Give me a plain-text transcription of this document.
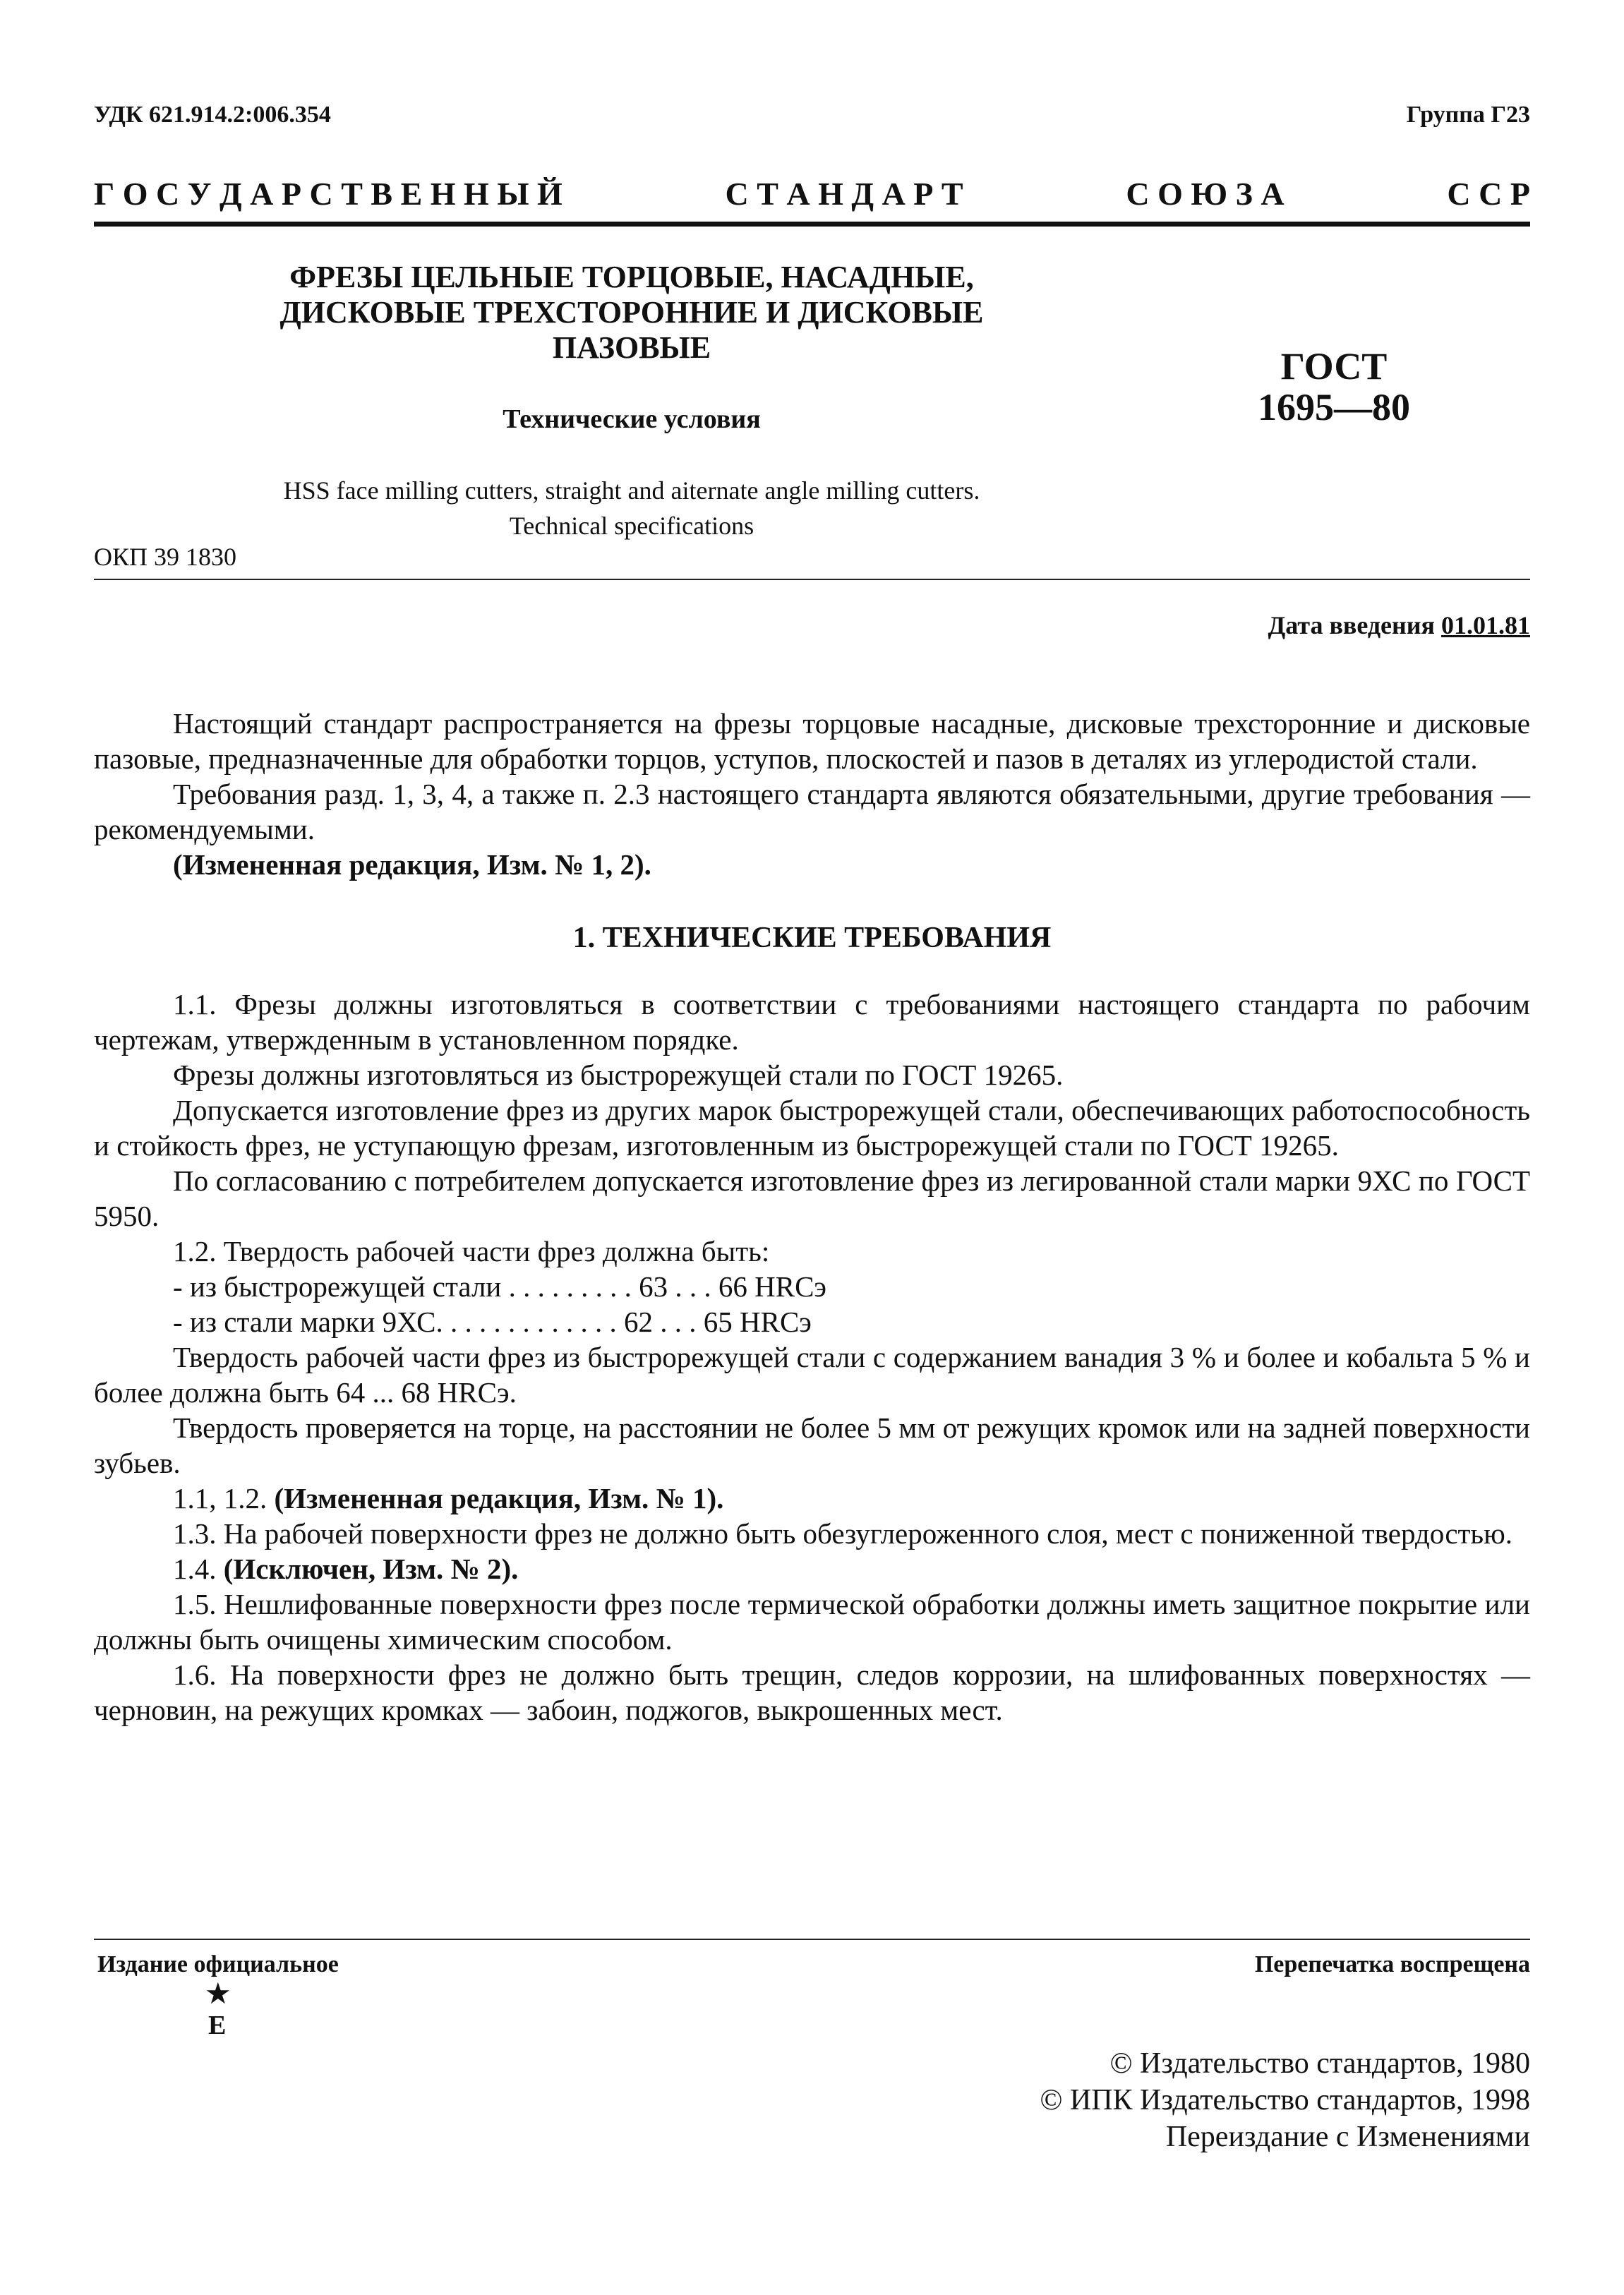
УДК 621.914.2:006.354	Группа Г23
Г О С У Д А Р С Т В Е Н Н Ы Й	С Т А Н Д А Р Т	С О Ю З А	С С Р
ФРЕЗЫ ЦЕЛЬНЫЕ ТОРЦОВЫЕ, НАСАДНЫЕ,
ДИСКОВЫЕ ТРЕХСТОРОННИЕ И ДИСКОВЫЕ
ПАЗОВЫЕ
Технические условия
HSS face milling cutters, straight and aiternate angle milling cutters.
Technical specifications
ГОСТ
1695—80
ОКП 39 1830
Дата введения 01.01.81

Настоящий стандарт распространяется на фрезы торцовые насадные, дисковые трехсторонние и дисковые пазовые, предназначенные для обработки торцов, уступов, плоскостей и пазов в деталях из углеродистой стали.

Требования разд. 1, 3, 4, а также п. 2.3 настоящего стандарта являются обязательными, другие требования — рекомендуемыми.

(Измененная редакция, Изм. № 1, 2).

1. ТЕХНИЧЕСКИЕ ТРЕБОВАНИЯ

1.1. Фрезы должны изготовляться в соответствии с требованиями настоящего стандарта по рабочим чертежам, утвержденным в установленном порядке.

Фрезы должны изготовляться из быстрорежущей стали по ГОСТ 19265.

Допускается изготовление фрез из других марок быстрорежущей стали, обеспечивающих работоспособность и стойкость фрез, не уступающую фрезам, изготовленным из быстрорежущей стали по ГОСТ 19265.

По согласованию с потребителем допускается изготовление фрез из легированной стали марки 9ХС по ГОСТ 5950.

1.2. Твердость рабочей части фрез должна быть:

- из быстрорежущей стали . . . . . . . . . 63 . . . 66 HRCэ

- из стали марки 9ХС. . . . . . . . . . . . . 62 . . . 65 HRCэ

Твердость рабочей части фрез из быстрорежущей стали с содержанием ванадия 3 % и более и кобальта 5 % и более должна быть 64 ... 68 HRCэ.

Твердость проверяется на торце, на расстоянии не более 5 мм от режущих кромок или на задней поверхности зубьев.

1.1, 1.2. (Измененная редакция, Изм. № 1).

1.3. На рабочей поверхности фрез не должно быть обезуглероженного слоя, мест с пониженной твердостью.

1.4. (Исключен, Изм. № 2).

1.5. Нешлифованные поверхности фрез после термической обработки должны иметь защитное покрытие или должны быть очищены химическим способом.

1.6. На поверхности фрез не должно быть трещин, следов коррозии, на шлифованных поверхностях — черновин, на режущих кромках — забоин, поджогов, выкрошенных мест.

Издание официальное	Перепечатка воспрещена
★
Е
© Издательство стандартов, 1980
© ИПК Издательство стандартов, 1998
Переиздание с Изменениями
